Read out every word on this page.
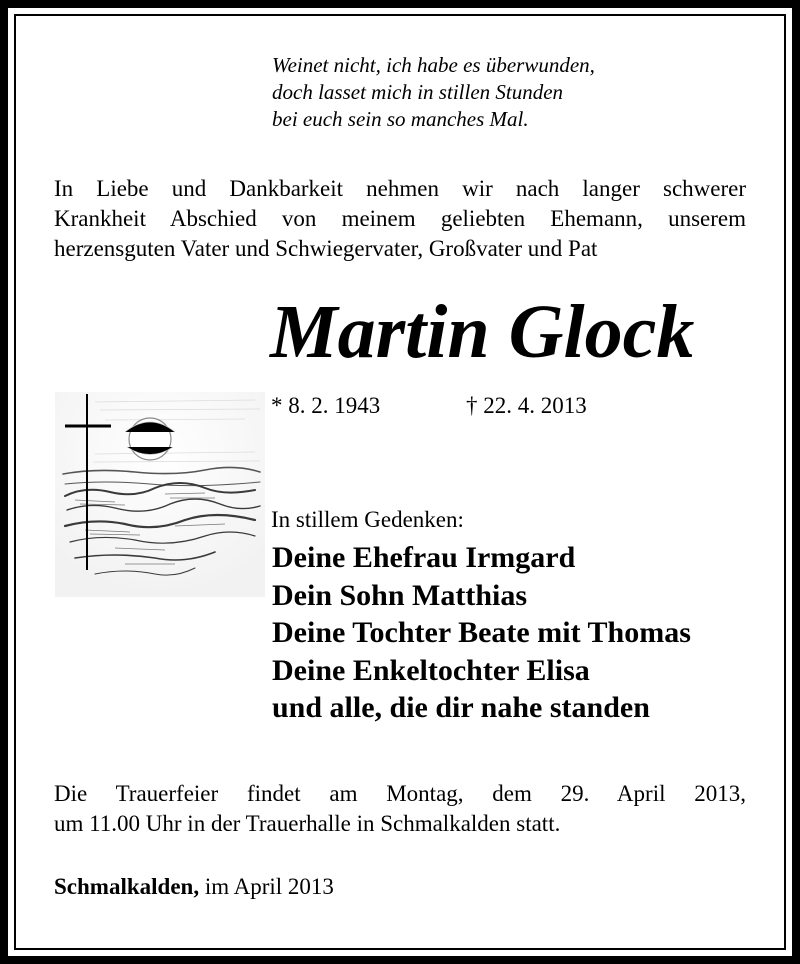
Weinet nicht, ich habe es überwunden,
doch lasset mich in stillen Stunden
bei euch sein so manches Mal.
In Liebe und Dankbarkeit nehmen wir nach langer schwerer
Krankheit Abschied von meinem geliebten Ehemann, unserem
herzensguten Vater und Schwiegervater, Großvater und Pat
Martin Glock
* 8. 2. 1943	† 22. 4. 2013
In stillem Gedenken:
Deine Ehefrau Irmgard
Dein Sohn Matthias
Deine Tochter Beate mit Thomas
Deine Enkeltochter Elisa
und alle, die dir nahe standen
Die Trauerfeier findet am Montag, dem 29. April 2013,
um 11.00 Uhr in der Trauerhalle in Schmalkalden statt.
Schmalkalden, im April 2013
